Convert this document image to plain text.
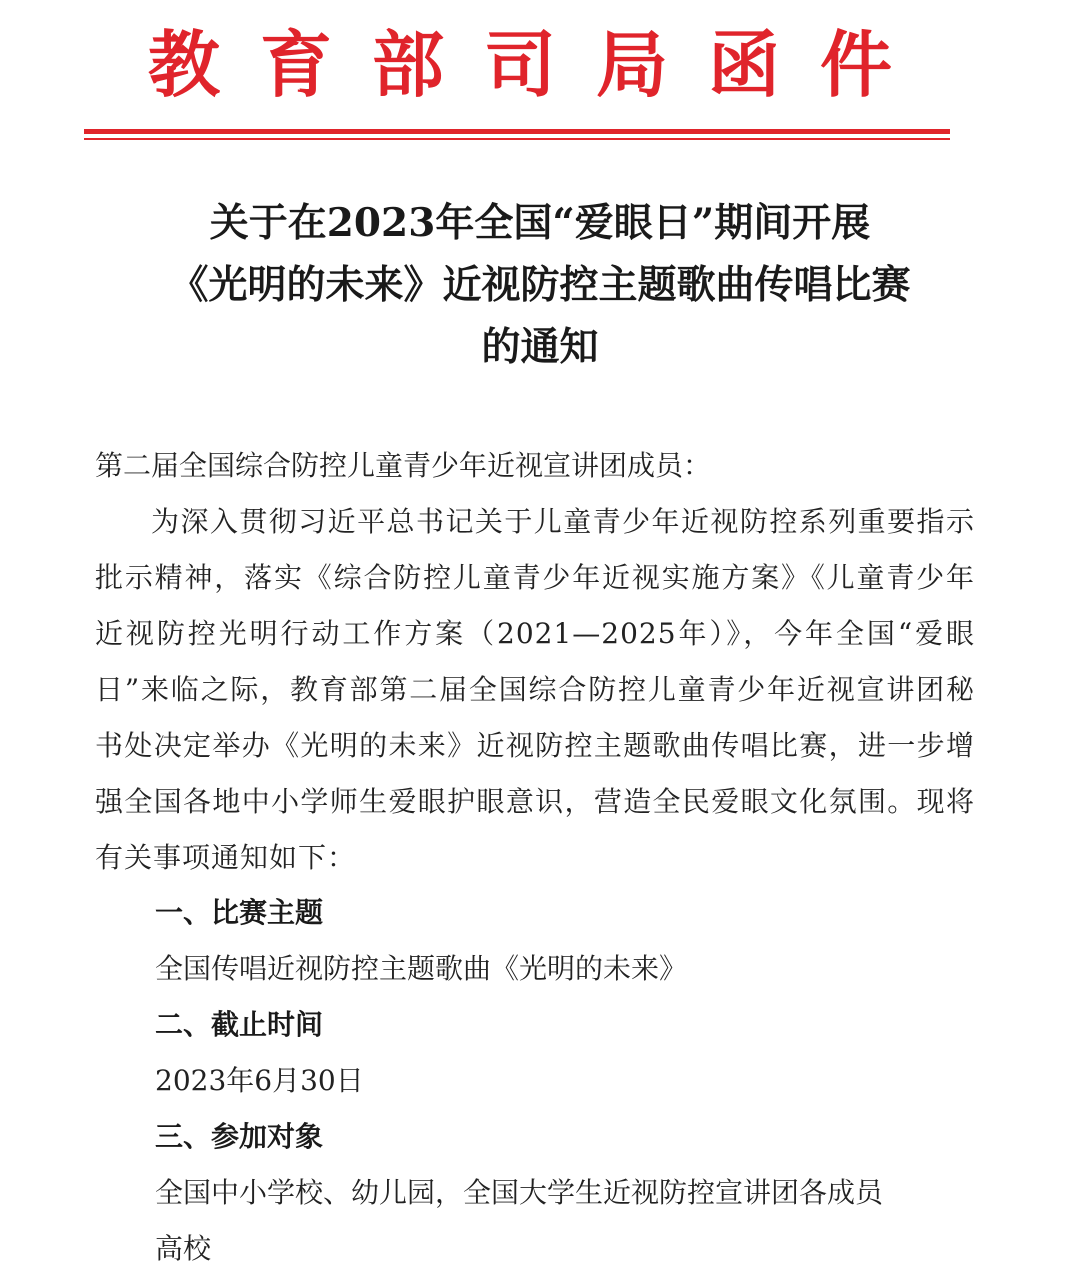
教育部司局函件
关于在2023年全国“爱眼日”期间开展
《光明的未来》近视防控主题歌曲传唱比赛
的通知
第二届全国综合防控儿童青少年近视宣讲团成员：
为深入贯彻习近平总书记关于儿童青少年近视防控系列重要指示批示精神，落实《综合防控儿童青少年近视实施方案》《儿童青少年近视防控光明行动工作方案（2021—2025年）》，今年全国“爱眼日”来临之际，教育部第二届全国综合防控儿童青少年近视宣讲团秘书处决定举办《光明的未来》近视防控主题歌曲传唱比赛，进一步增强全国各地中小学师生爱眼护眼意识，营造全民爱眼文化氛围。现将有关事项通知如下：
一、比赛主题
全国传唱近视防控主题歌曲《光明的未来》
二、截止时间
2023年6月30日
三、参加对象
全国中小学校、幼儿园，全国大学生近视防控宣讲团各成员
高校
